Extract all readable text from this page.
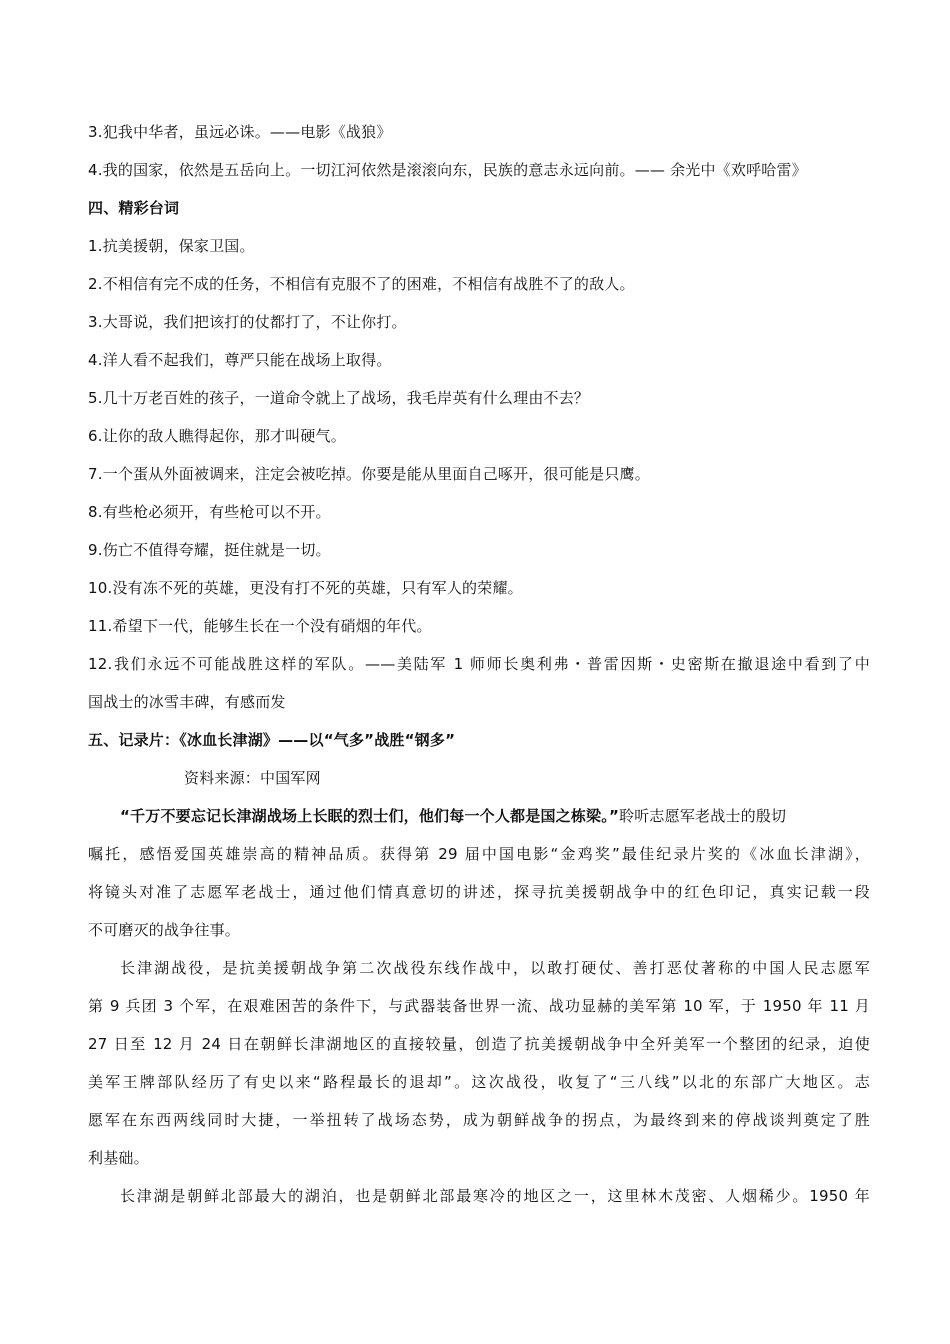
3.犯我中华者，虽远必诛。——电影《战狼》
4.我的国家，依然是五岳向上。一切江河依然是滚滚向东，民族的意志永远向前。—— 余光中《欢呼哈雷》
四、精彩台词
1.抗美援朝，保家卫国。
2.不相信有完不成的任务，不相信有克服不了的困难，不相信有战胜不了的敌人。
3.大哥说，我们把该打的仗都打了，不让你打。
4.洋人看不起我们，尊严只能在战场上取得。
5.几十万老百姓的孩子，一道命令就上了战场，我毛岸英有什么理由不去？
6.让你的敌人瞧得起你，那才叫硬气。
7.一个蛋从外面被调来，注定会被吃掉。你要是能从里面自己啄开，很可能是只鹰。
8.有些枪必须开，有些枪可以不开。
9.伤亡不值得夸耀，挺住就是一切。
10.没有冻不死的英雄，更没有打不死的英雄，只有军人的荣耀。
11.希望下一代，能够生长在一个没有硝烟的年代。
12.我们永远不可能战胜这样的军队。——美陆军 1 师师长奥利弗・普雷因斯・史密斯在撤退途中看到了中
国战士的冰雪丰碑，有感而发
五、记录片：《冰血长津湖》——以“气多”战胜“钢多”
资料来源：中国军网
“千万不要忘记长津湖战场上长眠的烈士们，他们每一个人都是国之栋梁。”聆听志愿军老战士的殷切
嘱托，感悟爱国英雄崇高的精神品质。获得第 29 届中国电影“金鸡奖”最佳纪录片奖的《冰血长津湖》，
将镜头对准了志愿军老战士，通过他们情真意切的讲述，探寻抗美援朝战争中的红色印记，真实记载一段
不可磨灭的战争往事。
长津湖战役，是抗美援朝战争第二次战役东线作战中，以敢打硬仗、善打恶仗著称的中国人民志愿军
第 9 兵团 3 个军，在艰难困苦的条件下，与武器装备世界一流、战功显赫的美军第 10 军，于 1950 年 11 月
27 日至 12 月 24 日在朝鲜长津湖地区的直接较量，创造了抗美援朝战争中全歼美军一个整团的纪录，迫使
美军王牌部队经历了有史以来“路程最长的退却”。这次战役，收复了“三八线”以北的东部广大地区。志
愿军在东西两线同时大捷，一举扭转了战场态势，成为朝鲜战争的拐点，为最终到来的停战谈判奠定了胜
利基础。
长津湖是朝鲜北部最大的湖泊，也是朝鲜北部最寒冷的地区之一，这里林木茂密、人烟稀少。1950 年
